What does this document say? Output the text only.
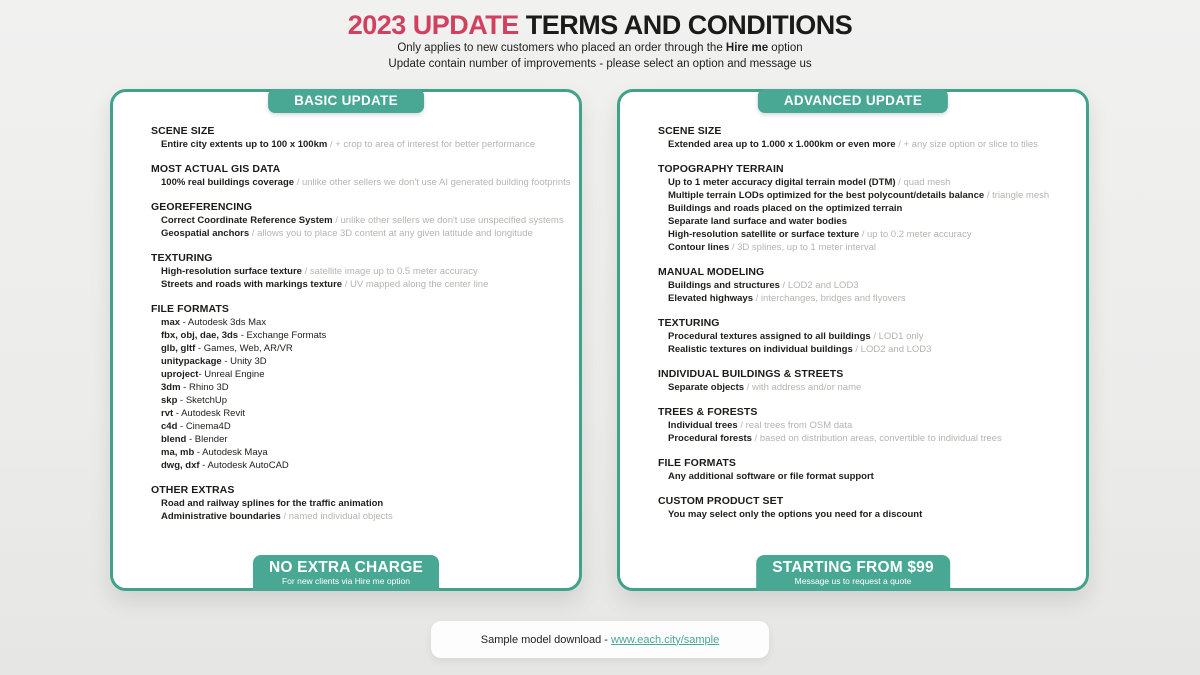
2023 UPDATE TERMS AND CONDITIONS
Only applies to new customers who placed an order through the Hire me option
Update contain number of improvements - please select an option and message us
BASIC UPDATE
SCENE SIZE
Entire city extents up to 100 x 100km / + crop to area of interest for better performance
MOST ACTUAL GIS DATA
100% real buildings coverage / unlike other sellers we don't use AI generated building footprints
GEOREFERENCING
Correct Coordinate Reference System / unlike other sellers we don't use unspecified systems
Geospatial anchors / allows you to place 3D content at any given latitude and longitude
TEXTURING
High-resolution surface texture / satellite image up to 0.5 meter accuracy
Streets and roads with markings texture / UV mapped along the center line
FILE FORMATS
max - Autodesk 3ds Max
fbx, obj, dae, 3ds - Exchange Formats
glb, gltf - Games, Web, AR/VR
unitypackage - Unity 3D
uproject- Unreal Engine
3dm - Rhino 3D
skp - SketchUp
rvt - Autodesk Revit
c4d - Cinema4D
blend - Blender
ma, mb - Autodesk Maya
dwg, dxf - Autodesk AutoCAD
OTHER EXTRAS
Road and railway splines for the traffic animation
Administrative boundaries / named individual objects
NO EXTRA CHARGE
For new clients via Hire me option
ADVANCED UPDATE
SCENE SIZE
Extended area up to 1.000 x 1.000km or even more / + any size option or slice to tiles
TOPOGRAPHY TERRAIN
Up to 1 meter accuracy digital terrain model (DTM) / quad mesh
Multiple terrain LODs optimized for the best polycount/details balance / triangle mesh
Buildings and roads placed on the optimized terrain
Separate land surface and water bodies
High-resolution satellite or surface texture / up to 0.2 meter accuracy
Contour lines / 3D splines, up to 1 meter interval
MANUAL MODELING
Buildings and structures / LOD2 and LOD3
Elevated highways / interchanges, bridges and flyovers
TEXTURING
Procedural textures assigned to all buildings / LOD1 only
Realistic textures on individual buildings / LOD2 and LOD3
INDIVIDUAL BUILDINGS & STREETS
Separate objects / with address and/or name
TREES & FORESTS
Individual trees / real trees from OSM data
Procedural forests / based on distribution areas, convertible to individual trees
FILE FORMATS
Any additional software or file format support
CUSTOM PRODUCT SET
You may select only the options you need for a discount
STARTING FROM $99
Message us to request a quote
Sample model download -
www.each.city/sample
